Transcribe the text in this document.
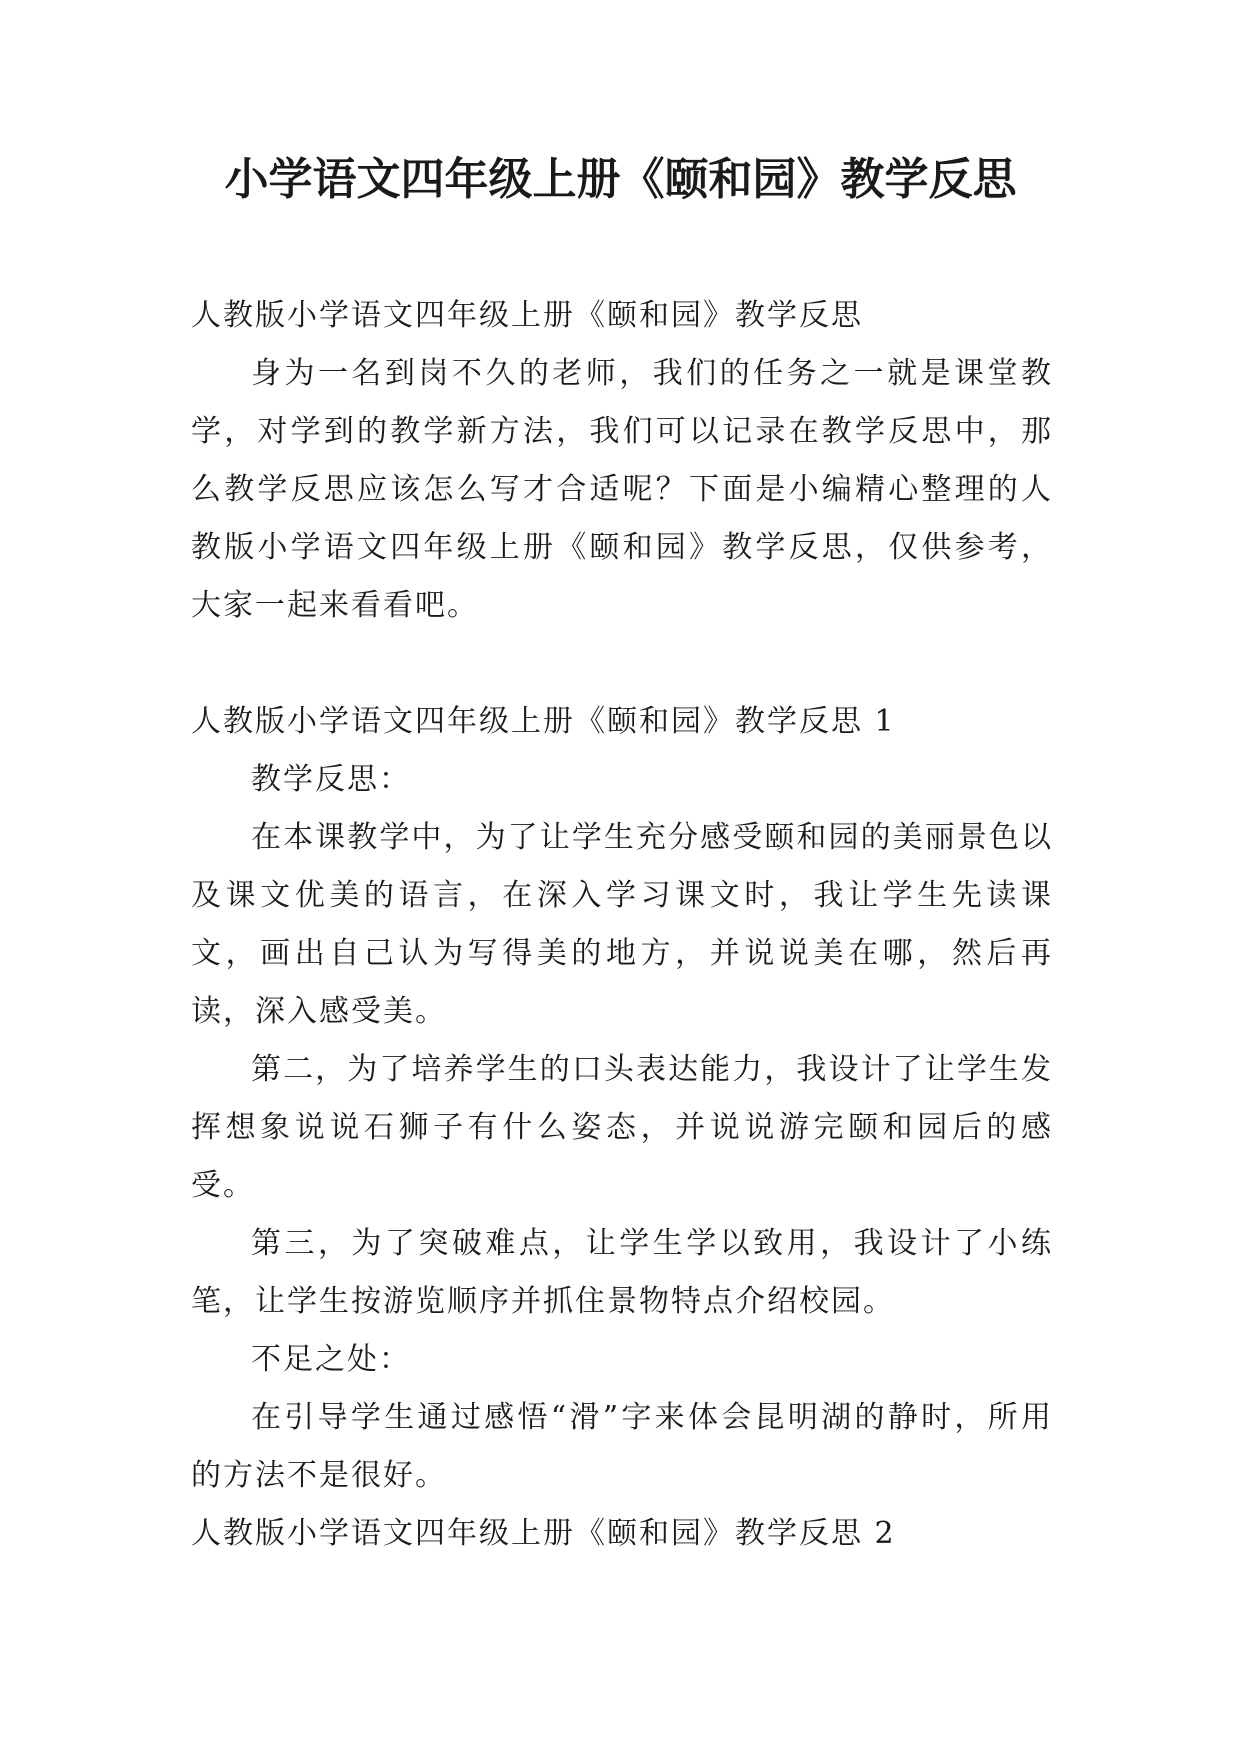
小学语文四年级上册《颐和园》教学反思

人教版小学语文四年级上册《颐和园》教学反思

身为一名到岗不久的老师，我们的任务之一就是课堂教学，对学到的教学新方法，我们可以记录在教学反思中，那么教学反思应该怎么写才合适呢？下面是小编精心整理的人教版小学语文四年级上册《颐和园》教学反思，仅供参考，大家一起来看看吧。

人教版小学语文四年级上册《颐和园》教学反思 1

教学反思：

在本课教学中，为了让学生充分感受颐和园的美丽景色以及课文优美的语言，在深入学习课文时，我让学生先读课文，画出自己认为写得美的地方，并说说美在哪，然后再读，深入感受美。

第二，为了培养学生的口头表达能力，我设计了让学生发挥想象说说石狮子有什么姿态，并说说游完颐和园后的感受。

第三，为了突破难点，让学生学以致用，我设计了小练笔，让学生按游览顺序并抓住景物特点介绍校园。

不足之处：

在引导学生通过感悟“滑”字来体会昆明湖的静时，所用的方法不是很好。

人教版小学语文四年级上册《颐和园》教学反思 2
